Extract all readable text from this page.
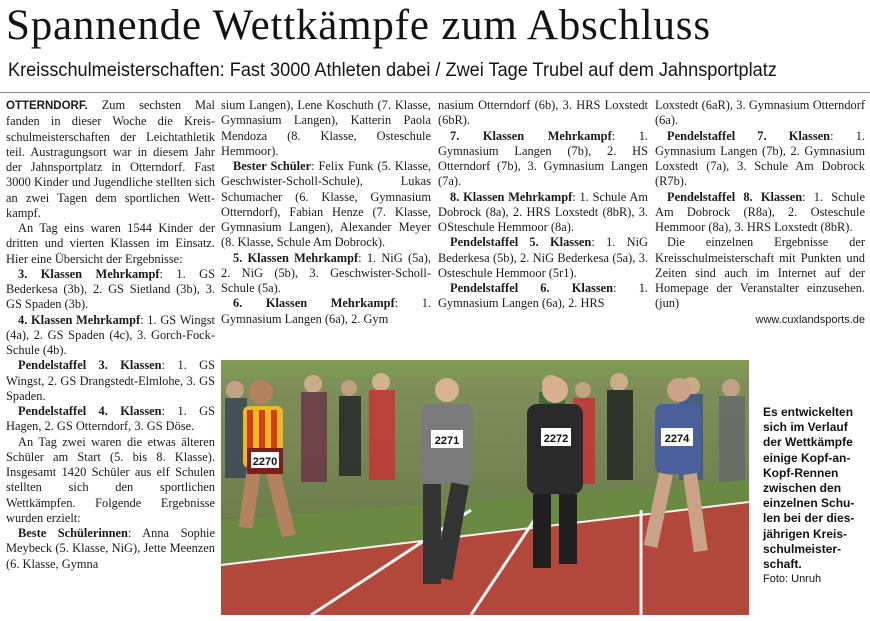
Spannende Wettkämpfe zum Abschluss
Kreisschulmeisterschaften: Fast 3000 Athleten dabei / Zwei Tage Trubel auf dem Jahnsportplatz

OTTERNDORF. Zum sechsten Mal fanden in dieser Woche die Kreisschulmeisterschaften der Leichtathletik teil. Austragungsort war in diesem Jahr der Jahnsportplatz in Otterndorf. Fast 3000 Kinder und Jugendliche stellten sich an zwei Tagen dem sportlichen Wettkampf.

An Tag eins waren 1544 Kinder der dritten und vierten Klassen im Einsatz. Hier eine Übersicht der Ergebnisse:

3. Klassen Mehrkampf: 1. GS Bederkesa (3b), 2. GS Sietland (3b), 3. GS Spaden (3b).

4. Klassen Mehrkampf: 1. GS Wingst (4a), 2. GS Spaden (4c), 3. Gorch-Fock-Schule (4b).

Pendelstaffel 3. Klassen: 1. GS Wingst, 2. GS Drangstedt-Elmlohe, 3. GS Spaden.

Pendelstaffel 4. Klassen: 1. GS Hagen, 2. GS Otterndorf, 3. GS Döse.

An Tag zwei waren die etwas älteren Schüler am Start (5. bis 8. Klasse). Insgesamt 1420 Schüler aus elf Schulen stellten sich den sportlichen Wettkämpfen. Folgende Ergebnisse wurden erzielt:

Beste Schülerinnen: Anna Sophie Meybeck (5. Klasse, NiG), Jette Meenzen (6. Klasse, Gymna

sium Langen), Lene Koschuth (7. Klasse, Gymnasium Langen), Katterin Paola Mendoza (8. Klasse, Osteschule Hemmoor).

Bester Schüler: Felix Funk (5. Klasse, Geschwister-Scholl-Schule), Lukas Schumacher (6. Klasse, Gymnasium Otterndorf), Fabian Henze (7. Klasse, Gymnasium Langen), Alexander Meyer (8. Klasse, Schule Am Dobrock).

5. Klassen Mehrkampf: 1. NiG (5a), 2. NiG (5b), 3. Geschwister-Scholl-Schule (5a).

6. Klassen Mehrkampf: 1. Gymnasium Langen (6a), 2. Gym

nasium Otterndorf (6b), 3. HRS Loxstedt (6bR).

7. Klassen Mehrkampf: 1. Gymnasium Langen (7b), 2. HS Otterndorf (7b), 3. Gymnasium Langen (7a).

8. Klassen Mehrkampf: 1. Schule Am Dobrock (8a), 2. HRS Loxstedt (8bR), 3. OSteschule Hemmoor (8a).

Pendelstaffel 5. Klassen: 1. NiG Bederkesa (5b), 2. NiG Bederkesa (5a), 3. Osteschule Hemmoor (5r1).

Pendelstaffel 6. Klassen: 1. Gymnasium Langen (6a), 2. HRS

Loxstedt (6aR), 3. Gymnasium Otterndorf (6a).

Pendelstaffel 7. Klassen: 1. Gymnasium Langen (7b), 2. Gymnasium Loxstedt (7a), 3. Schule Am Dobrock (R7b).

Pendelstaffel 8. Klassen: 1. Schule Am Dobrock (R8a), 2. Osteschule Hemmoor (8a), 3. HRS Loxstedt (8bR).

Die einzelnen Ergebnisse der Kreisschulmeisterschaft mit Punkten und Zeiten sind auch im Internet auf der Homepage der Veranstalter einzusehen. (jun)

www.cuxlandsports.de
2270
2271	2272	2274
Es entwickelten sich im Verlauf der Wettkämpfe einige Kopf-an-Kopf-Rennen zwischen den einzelnen Schulen bei der diesjährigen Kreisschulmeisterschaft.
Foto: Unruh
